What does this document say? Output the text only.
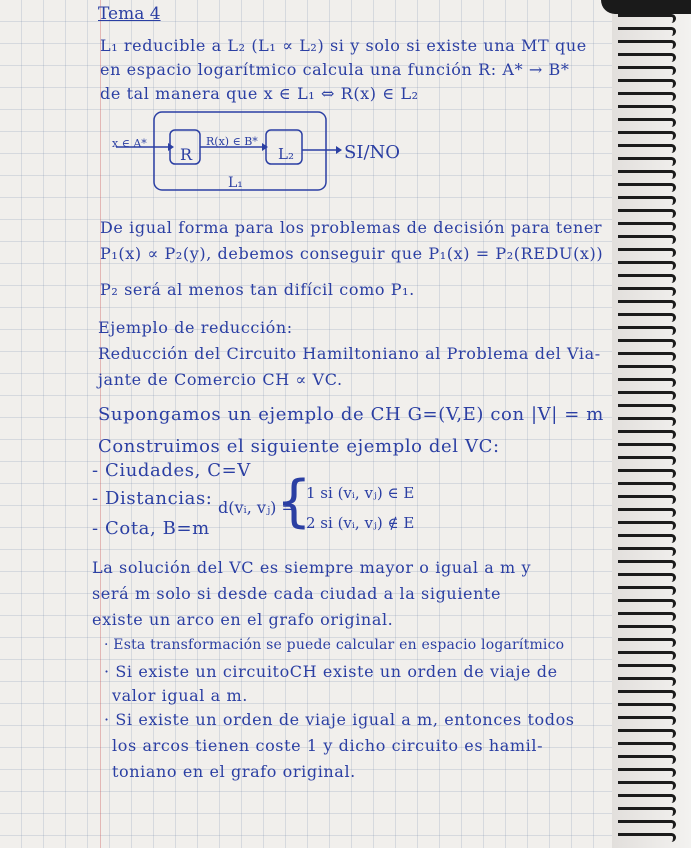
Tema 4
L₁ reducible a L₂ (L₁ ∝ L₂) si y solo si existe una MT que
en espacio logarítmico calcula una función R: A* → B*
de tal manera que x ∈ L₁ ⇔ R(x) ∈ L₂
x ∈ A*
R
R(x) ∈ B*
L₂	SI/NO
L₁
De igual forma para los problemas de decisión para tener
P₁(x) ∝ P₂(y), debemos conseguir que P₁(x) = P₂(REDU(x))
P₂ será al menos tan difícil como P₁.
Ejemplo de reducción:
Reducción del Circuito Hamiltoniano al Problema del Via-
jante de Comercio CH ∝ VC.
Supongamos un ejemplo de CH G=(V,E) con |V| = m
Construimos el siguiente ejemplo del VC:
- Ciudades, C=V
- Distancias:
- Cota, B=m
d(vᵢ, vⱼ) =
{
1 si (vᵢ, vⱼ) ∈ E
2 si (vᵢ, vⱼ) ∉ E
La solución del VC es siempre mayor o igual a m y
será m solo si desde cada ciudad a la siguiente
existe un arco en el grafo original.
· Esta transformación se puede calcular en espacio logarítmico
· Si existe un circuitoCH existe un orden de viaje de
valor igual a m.
· Si existe un orden de viaje igual a m, entonces todos
los arcos tienen coste 1 y dicho circuito es hamil-
toniano en el grafo original.
